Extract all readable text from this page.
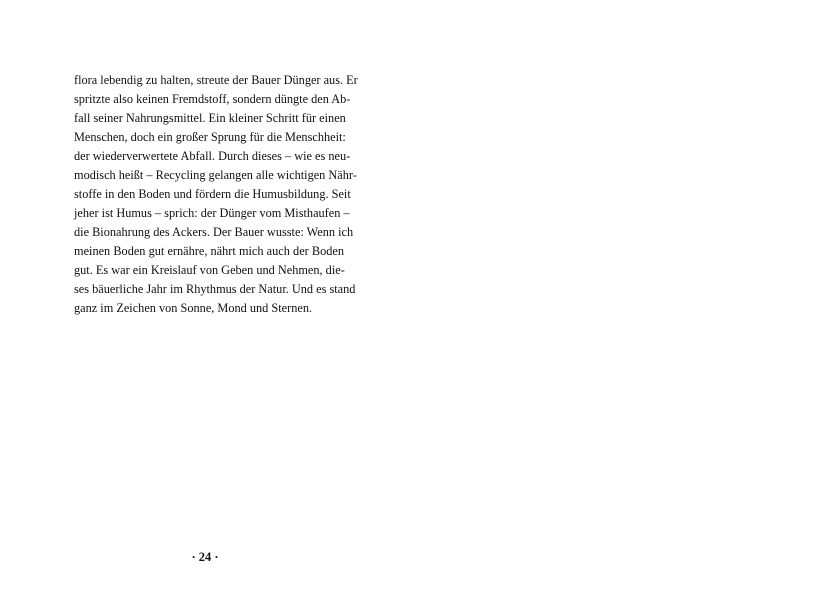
flora lebendig zu halten, streute der Bauer Dünger aus. Er
spritzte also keinen Fremdstoff, sondern düngte den Ab-
fall seiner Nahrungsmittel. Ein kleiner Schritt für einen
Menschen, doch ein großer Sprung für die Menschheit:
der wiederverwertete Abfall. Durch dieses – wie es neu-
modisch heißt – Recycling gelangen alle wichtigen Nähr-
stoffe in den Boden und fördern die Humusbildung. Seit
jeher ist Humus – sprich: der Dünger vom Misthaufen –
die Bionahrung des Ackers. Der Bauer wusste: Wenn ich
meinen Boden gut ernähre, nährt mich auch der Boden
gut. Es war ein Kreislauf von Geben und Nehmen, die-
ses bäuerliche Jahr im Rhythmus der Natur. Und es stand
ganz im Zeichen von Sonne, Mond und Sternen.
· 24 ·
